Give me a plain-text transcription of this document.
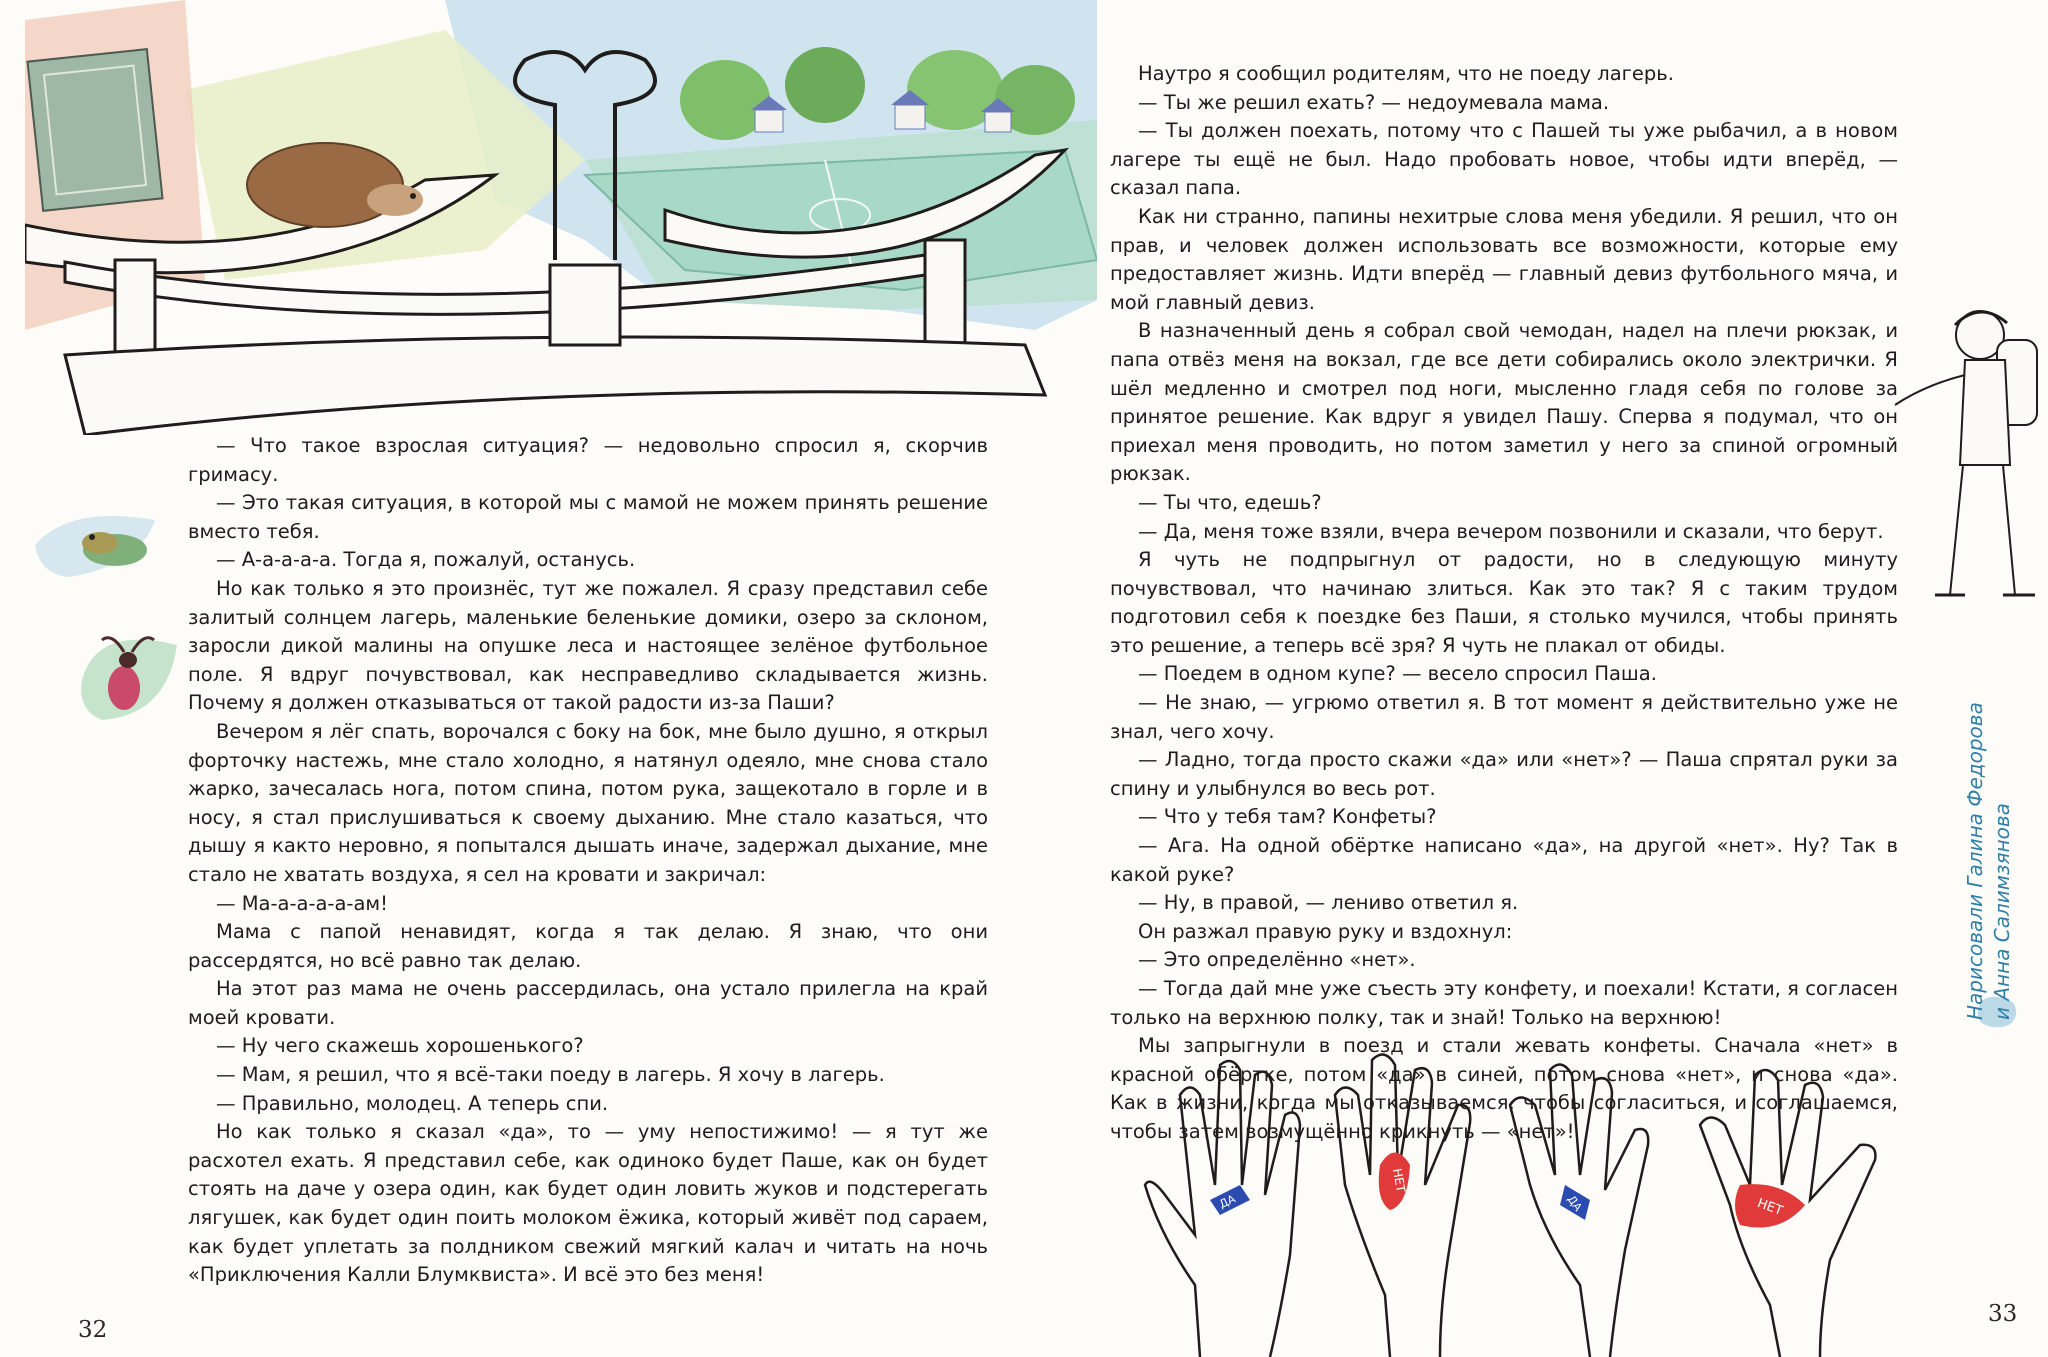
— Что такое взрослая ситуация? — недовольно спросил я, скорчив гримасу.

— Это такая ситуация, в которой мы с мамой не можем принять решение вместо тебя.

— А-а-а-а-а. Тогда я, пожалуй, останусь.

Но как только я это произнёс, тут же пожалел. Я сразу представил себе залитый солнцем лагерь, маленькие беленькие домики, озеро за склоном, заросли дикой малины на опушке леса и настоящее зелёное футбольное поле. Я вдруг почувствовал, как несправедливо складывается жизнь. Почему я должен отказываться от такой радости из-за Паши?

Вечером я лёг спать, ворочался с боку на бок, мне было душно, я открыл форточку настежь, мне стало холодно, я натянул одеяло, мне снова стало жарко, зачесалась нога, потом спина, потом рука, защекотало в горле и в носу, я стал прислушиваться к своему дыханию. Мне стало казаться, что дышу я както неровно, я попытался дышать иначе, задержал дыхание, мне стало не хватать воздуха, я сел на кровати и закричал:

— Ма-а-а-а-а-ам!

Мама с папой ненавидят, когда я так делаю. Я знаю, что они рассердятся, но всё равно так делаю.

На этот раз мама не очень рассердилась, она устало прилегла на край моей кровати.

— Ну чего скажешь хорошенького?

— Мам, я решил, что я всё-таки поеду в лагерь. Я хочу в лагерь.

— Правильно, молодец. А теперь спи.

Но как только я сказал «да», то — уму непостижимо! — я тут же расхотел ехать. Я представил себе, как одиноко будет Паше, как он будет стоять на даче у озера один, как будет один ловить жуков и подстерегать лягушек, как будет один поить молоком ёжика, который живёт под сараем, как будет уплетать за полдником свежий мягкий калач и читать на ночь «Приключения Калли Блумквиста». И всё это без меня!

32

Наутро я сообщил родителям, что не поеду лагерь.

— Ты же решил ехать? — недоумевала мама.

— Ты должен поехать, потому что с Пашей ты уже рыбачил, а в новом лагере ты ещё не был. Надо пробовать новое, чтобы идти вперёд, — сказал папа.

Как ни странно, папины нехитрые слова меня убедили. Я решил, что он прав, и человек должен использовать все возможности, которые ему предоставляет жизнь. Идти вперёд — главный девиз футбольного мяча, и мой главный девиз.

В назначенный день я собрал свой чемодан, надел на плечи рюкзак, и папа отвёз меня на вокзал, где все дети собирались около электрички. Я шёл медленно и смотрел под ноги, мысленно гладя себя по голове за принятое решение. Как вдруг я увидел Пашу. Сперва я подумал, что он приехал меня проводить, но потом заметил у него за спиной огромный рюкзак.

— Ты что, едешь?

— Да, меня тоже взяли, вчера вечером позвонили и сказали, что берут.

Я чуть не подпрыгнул от радости, но в следующую минуту почувствовал, что начинаю злиться. Как это так? Я с таким трудом подготовил себя к поездке без Паши, я столько мучился, чтобы принять это решение, а теперь всё зря? Я чуть не плакал от обиды.

— Поедем в одном купе? — весело спросил Паша.

— Не знаю, — угрюмо ответил я. В тот момент я действительно уже не знал, чего хочу.

— Ладно, тогда просто скажи «да» или «нет»? — Паша спрятал руки за спину и улыбнулся во весь рот.

— Что у тебя там? Конфеты?

— Ага. На одной обёртке написано «да», на другой «нет». Ну? Так в какой руке?

— Ну, в правой, — лениво ответил я.

Он разжал правую руку и вздохнул:

— Это определённо «нет».

— Тогда дай мне уже съесть эту конфету, и поехали! Кстати, я согласен только на верхнюю полку, так и знай! Только на верхнюю!

Мы запрыгнули в поезд и стали жевать конфеты. Сначала «нет» в красной обёртке, потом «да» в синей, потом снова «нет», и снова «да». Как в жизни, когда мы отказываемся, чтобы согласиться, и соглашаемся, чтобы затем возмущённо крикнуть — «нет»!

ДА
НЕТ
ДА	НЕТ
Нарисовали Галина Федорова и Анна Салимзянова
33
